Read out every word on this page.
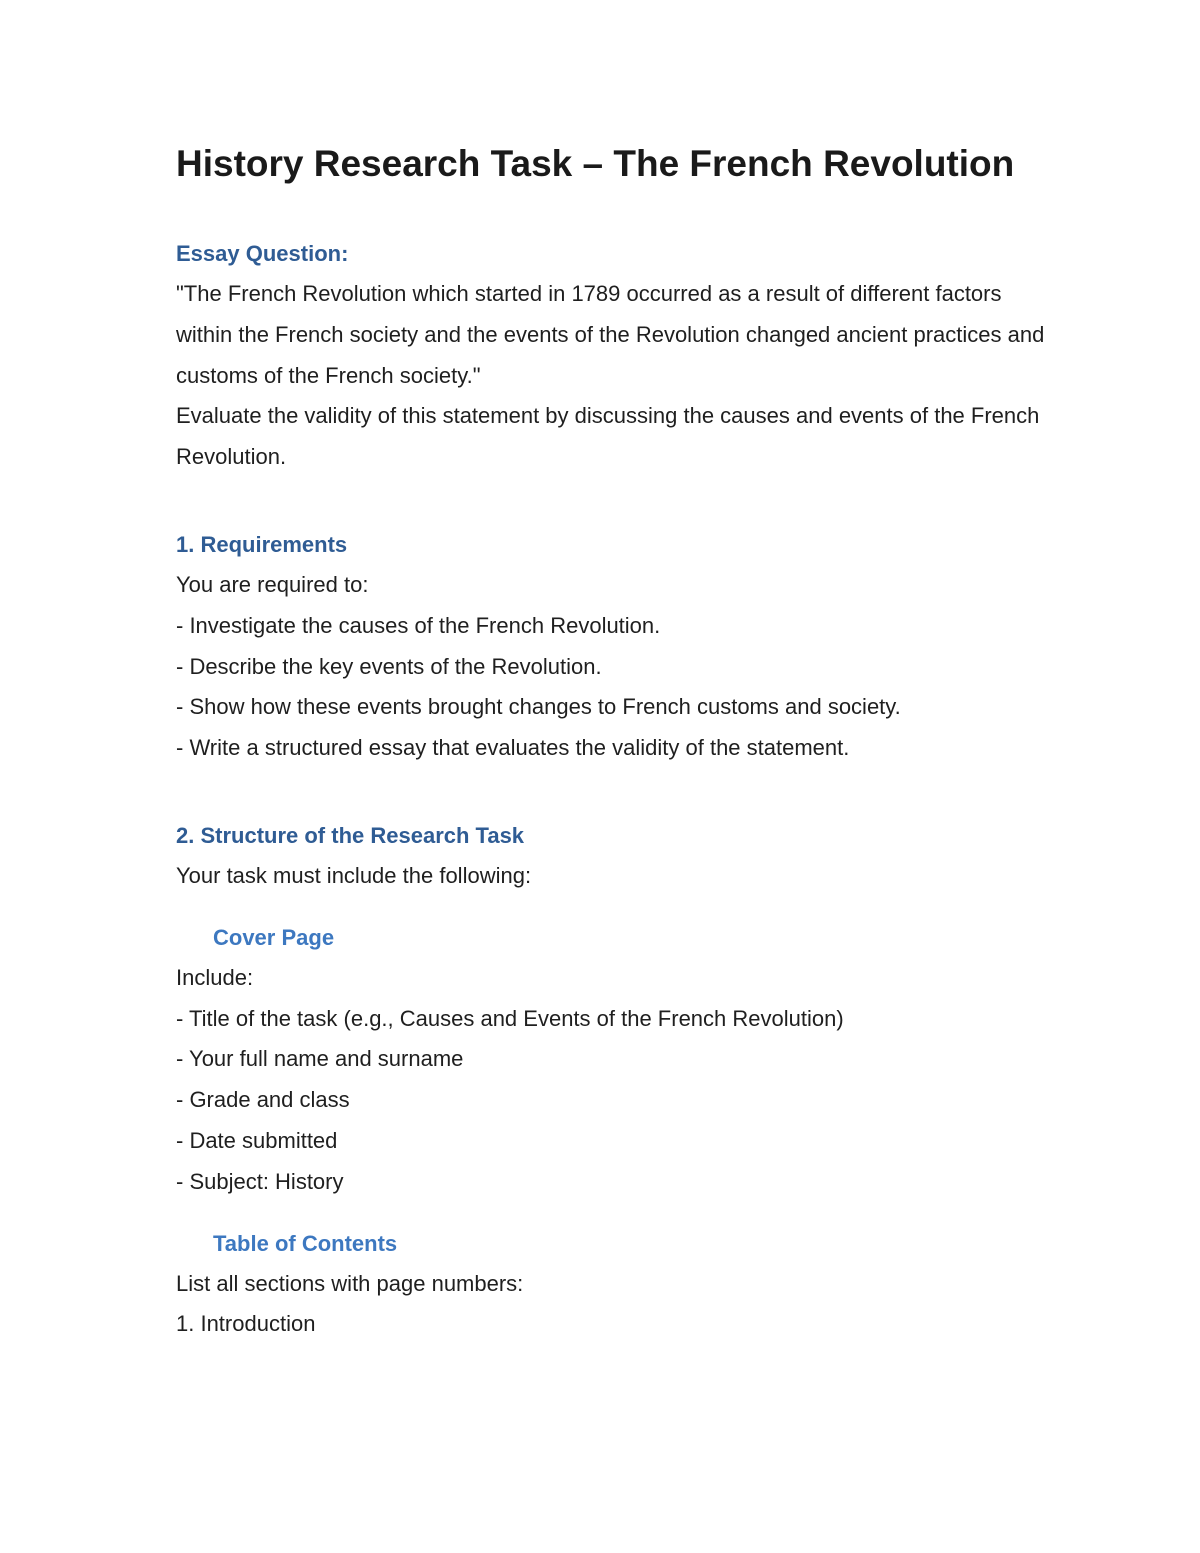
History Research Task – The French Revolution
Essay Question:

"The French Revolution which started in 1789 occurred as a result of different factors within the French society and the events of the Revolution changed ancient practices and customs of the French society."

Evaluate the validity of this statement by discussing the causes and events of the French Revolution.

1. Requirements

You are required to:

- Investigate the causes of the French Revolution.

- Describe the key events of the Revolution.

- Show how these events brought changes to French customs and society.

- Write a structured essay that evaluates the validity of the statement.

2. Structure of the Research Task

Your task must include the following:

Cover Page

Include:

- Title of the task (e.g., Causes and Events of the French Revolution)

- Your full name and surname

- Grade and class

- Date submitted

- Subject: History

Table of Contents

List all sections with page numbers:

1. Introduction
